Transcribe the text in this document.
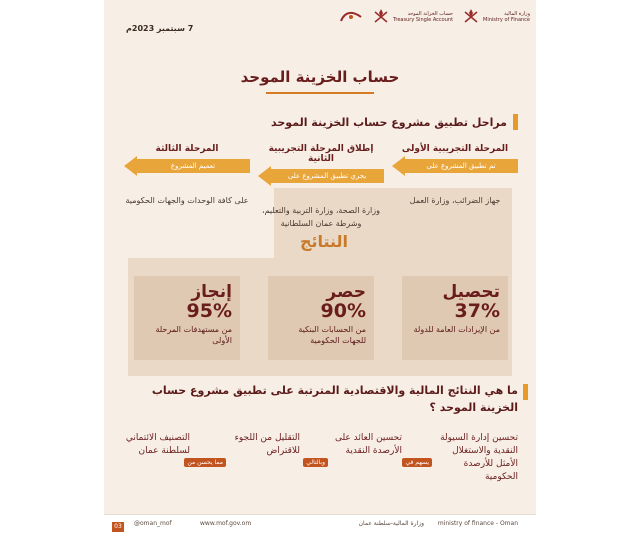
وزارة المالية
Ministry of Finance
حساب الخزانة الموحد
Treasury Single Account
7 سبتمبر 2023م
حساب الخزينة الموحد
مراحل تطبيق مشروع حساب الخزينة الموحد
المرحلة التجريبية الأولى
تم تطبيق المشروع على
جهاز الضرائب، وزارة العمل
إطلاق المرحلة التجريبية الثانية
يجري تطبيق المشروع على
وزارة الصحة، وزارة التربية والتعليم، وشرطة عمان السلطانية
المرحلة الثالثة
تعميم المشروع
على كافة الوحدات والجهات الحكومية
النتائج
تحصيل
37%
من الإيرادات العامة للدولة
حصر
90%
من الحسابات البنكية للجهات الحكومية
إنجاز
95%
من مستهدفات المرحلة الأولى
ما هي النتائج المالية والاقتصادية المترتبة على تطبيق مشروع حساب الخزينة الموحد ؟
تحسين إدارة السيولة النقدية والاستغلال الأمثل للأرصدة الحكومية
يسهم في
تحسين العائد على الأرصدة النقدية
وبالتالي
التقليل من اللجوء للاقتراض
مما يحسن من
التصنيف الائتماني لسلطنة عمان
ministry of finance - Oman
وزارة المالية-سلطنة عمان
www.mof.gov.om
@oman_mof
03
